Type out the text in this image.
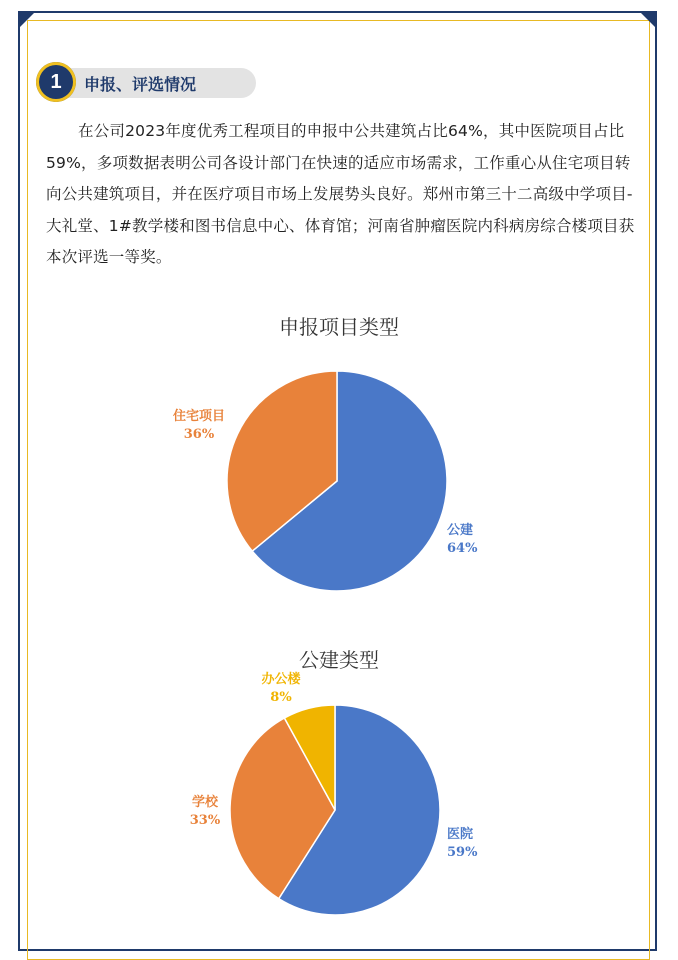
1	申报、评选情况

在公司2023年度优秀工程项目的申报中公共建筑占比64%，其中医院项目占比59%，多项数据表明公司各设计部门在快速的适应市场需求，工作重心从住宅项目转向公共建筑项目，并在医疗项目市场上发展势头良好。郑州市第三十二高级中学项目-大礼堂、1#教学楼和图书信息中心、体育馆；河南省肿瘤医院内科病房综合楼项目获本次评选一等奖。

申报项目类型
公建
64%
住宅项目
36%
公建类型
医院
59%
学校
33%
办公楼
8%
